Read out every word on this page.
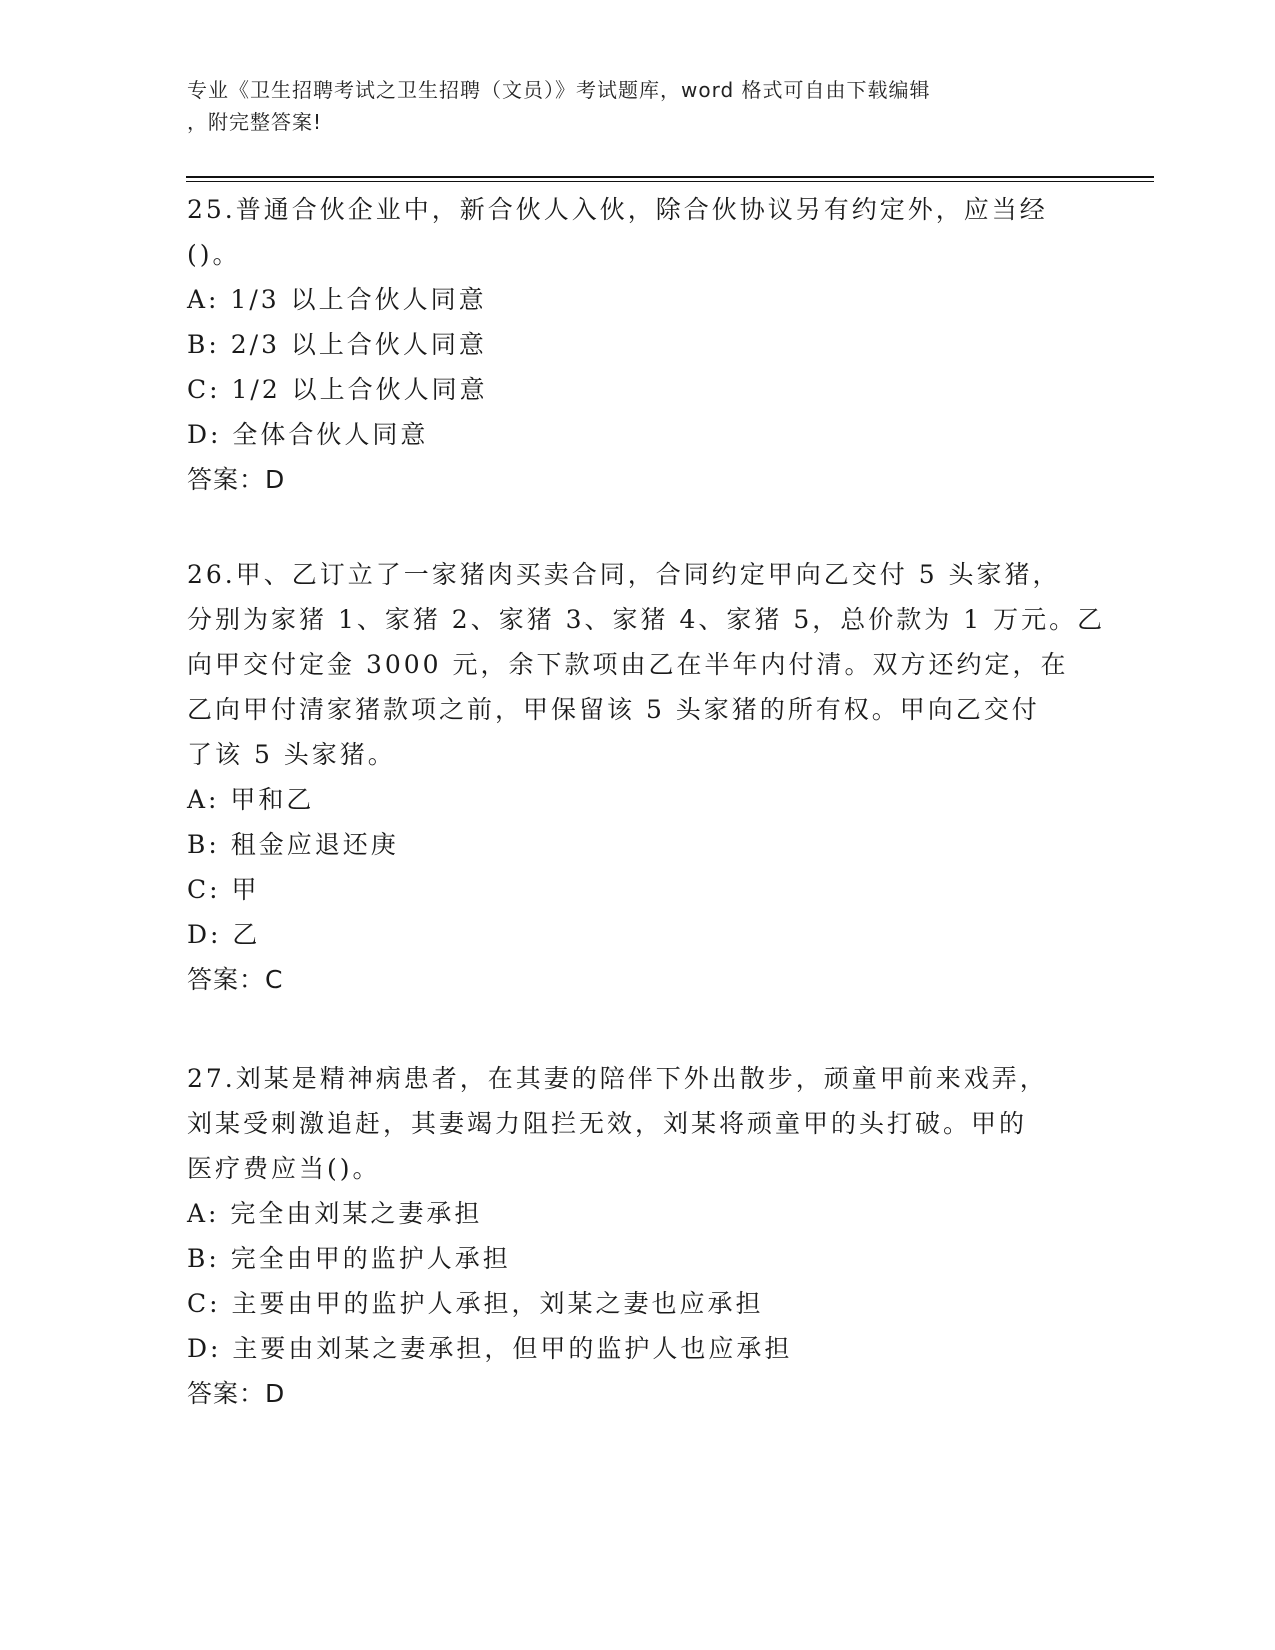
专业《卫生招聘考试之卫生招聘（文员）》考试题库，word 格式可自由下载编辑
，附完整答案!
25.普通合伙企业中，新合伙人入伙，除合伙协议另有约定外，应当经
()。
A: 1/3 以上合伙人同意
B: 2/3 以上合伙人同意
C: 1/2 以上合伙人同意
D: 全体合伙人同意
答案：D
26.甲、乙订立了一家猪肉买卖合同，合同约定甲向乙交付 5 头家猪，
分别为家猪 1、家猪 2、家猪 3、家猪 4、家猪 5，总价款为 1 万元。乙
向甲交付定金 3000 元，余下款项由乙在半年内付清。双方还约定，在
乙向甲付清家猪款项之前，甲保留该 5 头家猪的所有权。甲向乙交付
了该 5 头家猪。
A: 甲和乙
B: 租金应退还庚
C: 甲
D: 乙
答案：C
27.刘某是精神病患者，在其妻的陪伴下外出散步，顽童甲前来戏弄，
刘某受刺激追赶，其妻竭力阻拦无效，刘某将顽童甲的头打破。甲的
医疗费应当()。
A: 完全由刘某之妻承担
B: 完全由甲的监护人承担
C: 主要由甲的监护人承担，刘某之妻也应承担
D: 主要由刘某之妻承担，但甲的监护人也应承担
答案：D
